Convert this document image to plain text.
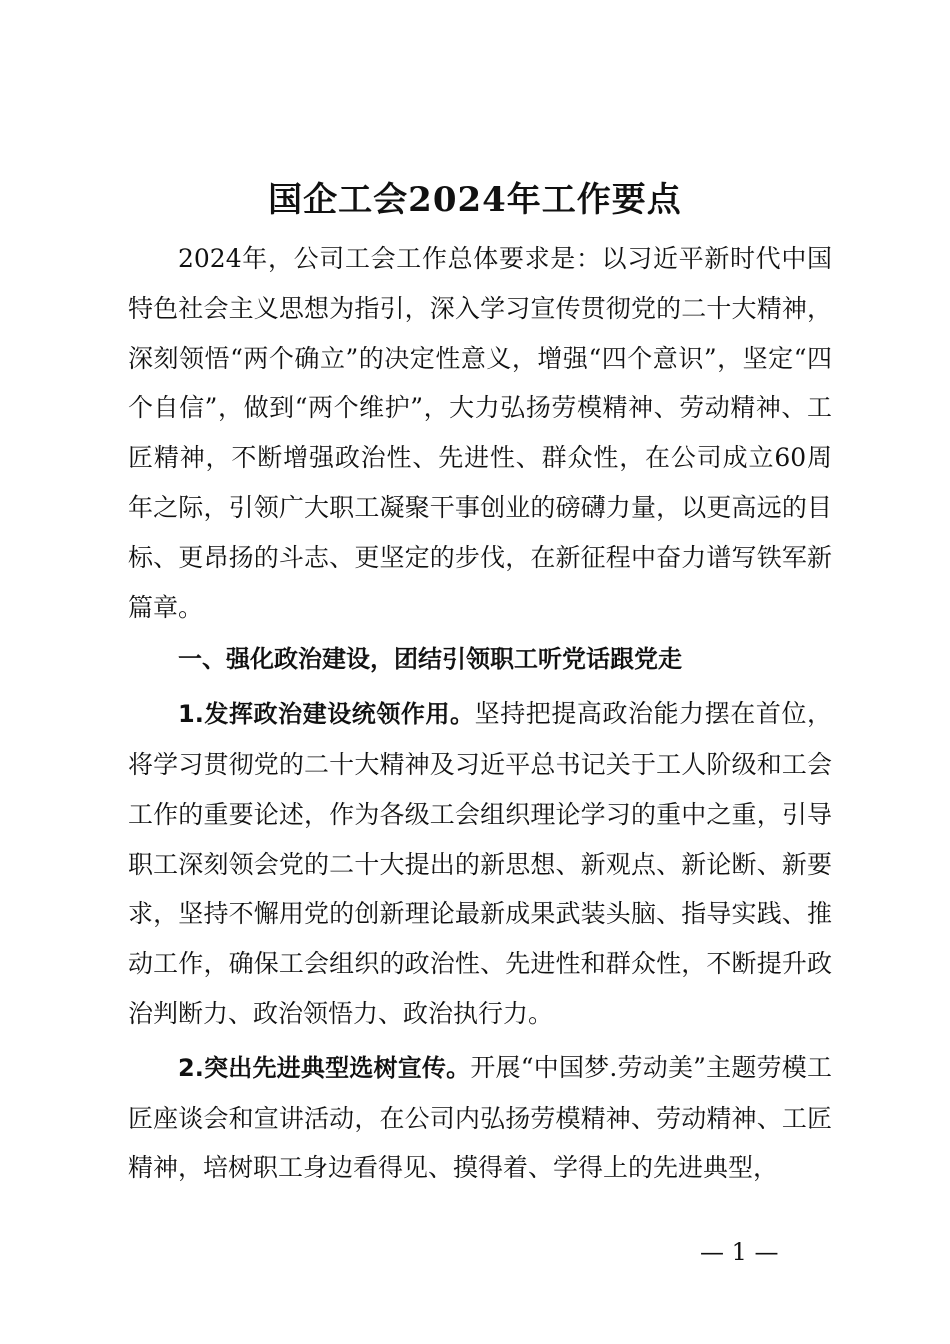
国企工会2024年工作要点

2024年，公司工会工作总体要求是：以习近平新时代中国特色社会主义思想为指引，深入学习宣传贯彻党的二十大精神，深刻领悟“两个确立”的决定性意义，增强“四个意识”，坚定“四个自信”，做到“两个维护”，大力弘扬劳模精神、劳动精神、工匠精神，不断增强政治性、先进性、群众性，在公司成立60周年之际，引领广大职工凝聚干事创业的磅礴力量，以更高远的目标、更昂扬的斗志、更坚定的步伐，在新征程中奋力谱写铁军新篇章。

一、强化政治建设，团结引领职工听党话跟党走

1.发挥政治建设统领作用。坚持把提高政治能力摆在首位，将学习贯彻党的二十大精神及习近平总书记关于工人阶级和工会工作的重要论述，作为各级工会组织理论学习的重中之重，引导职工深刻领会党的二十大提出的新思想、新观点、新论断、新要求，坚持不懈用党的创新理论最新成果武装头脑、指导实践、推动工作，确保工会组织的政治性、先进性和群众性，不断提升政治判断力、政治领悟力、政治执行力。

2.突出先进典型选树宣传。开展“中国梦.劳动美”主题劳模工匠座谈会和宣讲活动，在公司内弘扬劳模精神、劳动精神、工匠精神，培树职工身边看得见、摸得着、学得上的先进典型，

— 1 —
